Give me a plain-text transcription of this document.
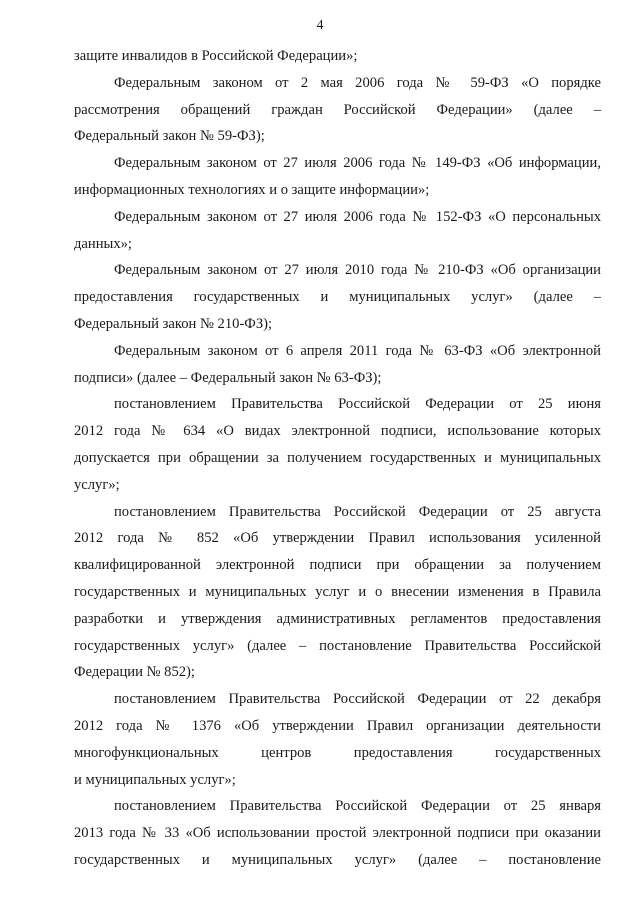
4
защите инвалидов в Российской Федерации»;
Федеральным законом от 2 мая 2006 года № 59-ФЗ «О порядке
рассмотрения обращений граждан Российской Федерации» (далее –
Федеральный закон № 59-ФЗ);
Федеральным законом от 27 июля 2006 года № 149-ФЗ «Об информации,
информационных технологиях и о защите информации»;
Федеральным законом от 27 июля 2006 года № 152-ФЗ «О персональных
данных»;
Федеральным законом от 27 июля 2010 года № 210-ФЗ «Об организации
предоставления государственных и муниципальных услуг» (далее –
Федеральный закон № 210-ФЗ);
Федеральным законом от 6 апреля 2011 года № 63-ФЗ «Об электронной
подписи» (далее – Федеральный закон № 63-ФЗ);
постановлением Правительства Российской Федерации от 25 июня
2012 года № 634 «О видах электронной подписи, использование которых
допускается при обращении за получением государственных и муниципальных
услуг»;
постановлением Правительства Российской Федерации от 25 августа
2012 года № 852 «Об утверждении Правил использования усиленной
квалифицированной электронной подписи при обращении за получением
государственных и муниципальных услуг и о внесении изменения в Правила
разработки и утверждения административных регламентов предоставления
государственных услуг» (далее – постановление Правительства Российской
Федерации № 852);
постановлением Правительства Российской Федерации от 22 декабря
2012 года № 1376 «Об утверждении Правил организации деятельности
многофункциональных центров предоставления государственных
и муниципальных услуг»;
постановлением Правительства Российской Федерации от 25 января
2013 года № 33 «Об использовании простой электронной подписи при оказании
государственных и муниципальных услуг» (далее – постановление
